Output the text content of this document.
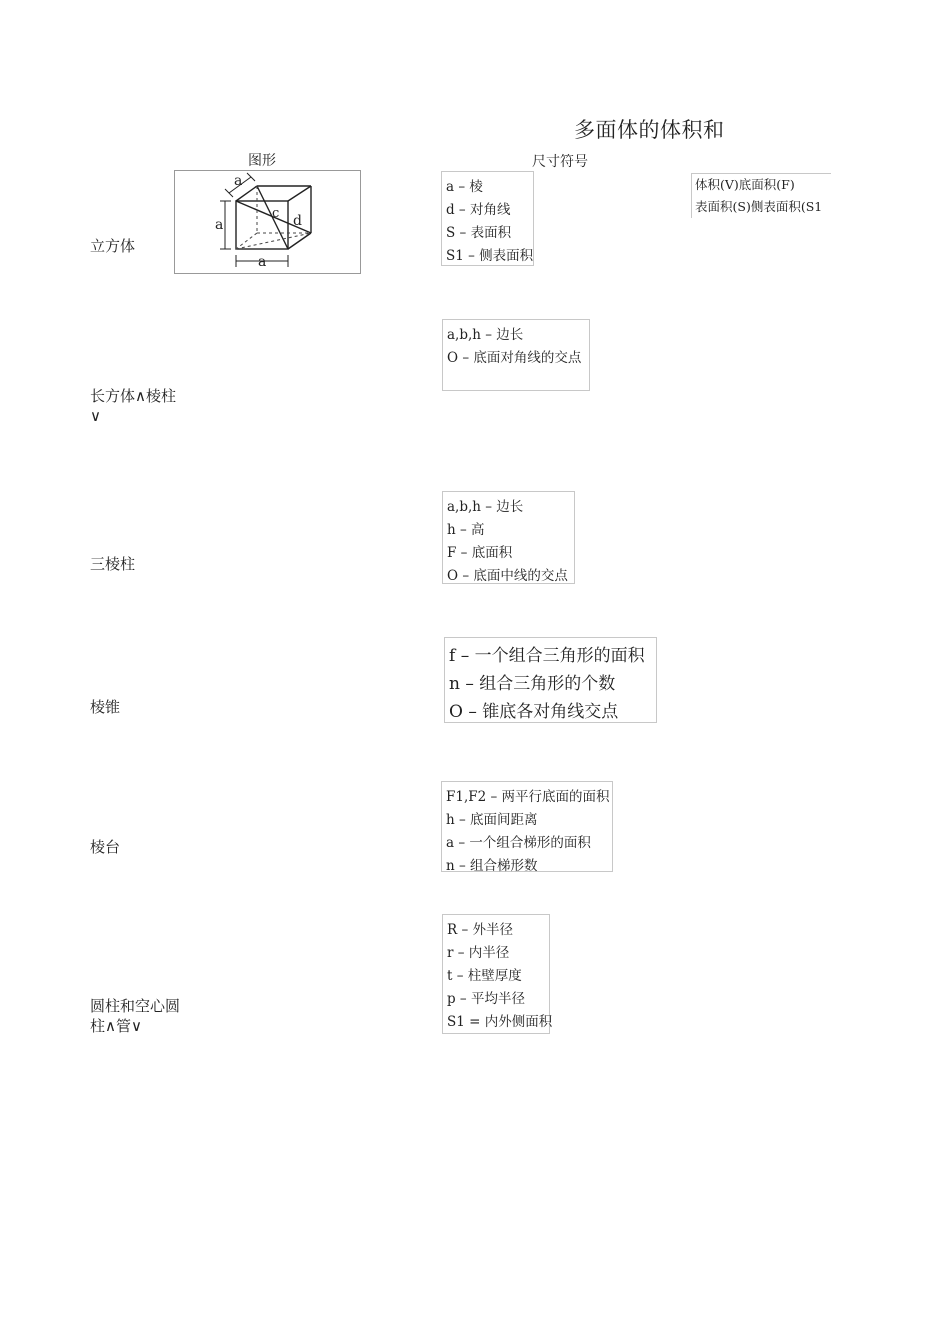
多面体的体积和
图形	尺寸符号
立方体
长方体∧棱柱∨
三棱柱
棱锥
棱台
圆柱和空心圆柱∧管∨
a
a
a
d
c
体积(V)底面积(F)
表面积(S)侧表面积(S1
a – 棱
d – 对角线
S – 表面积
S1 – 侧表面积
a,b,h – 边长
O – 底面对角线的交点
a,b,h – 边长
h – 高
F – 底面积
O – 底面中线的交点
f – 一个组合三角形的面积
n – 组合三角形的个数
O – 锥底各对角线交点
F1,F2 – 两平行底面的面积
h – 底面间距离
a – 一个组合梯形的面积
n – 组合梯形数
R – 外半径
r – 内半径
t – 柱壁厚度
p – 平均半径
S1 = 内外侧面积
